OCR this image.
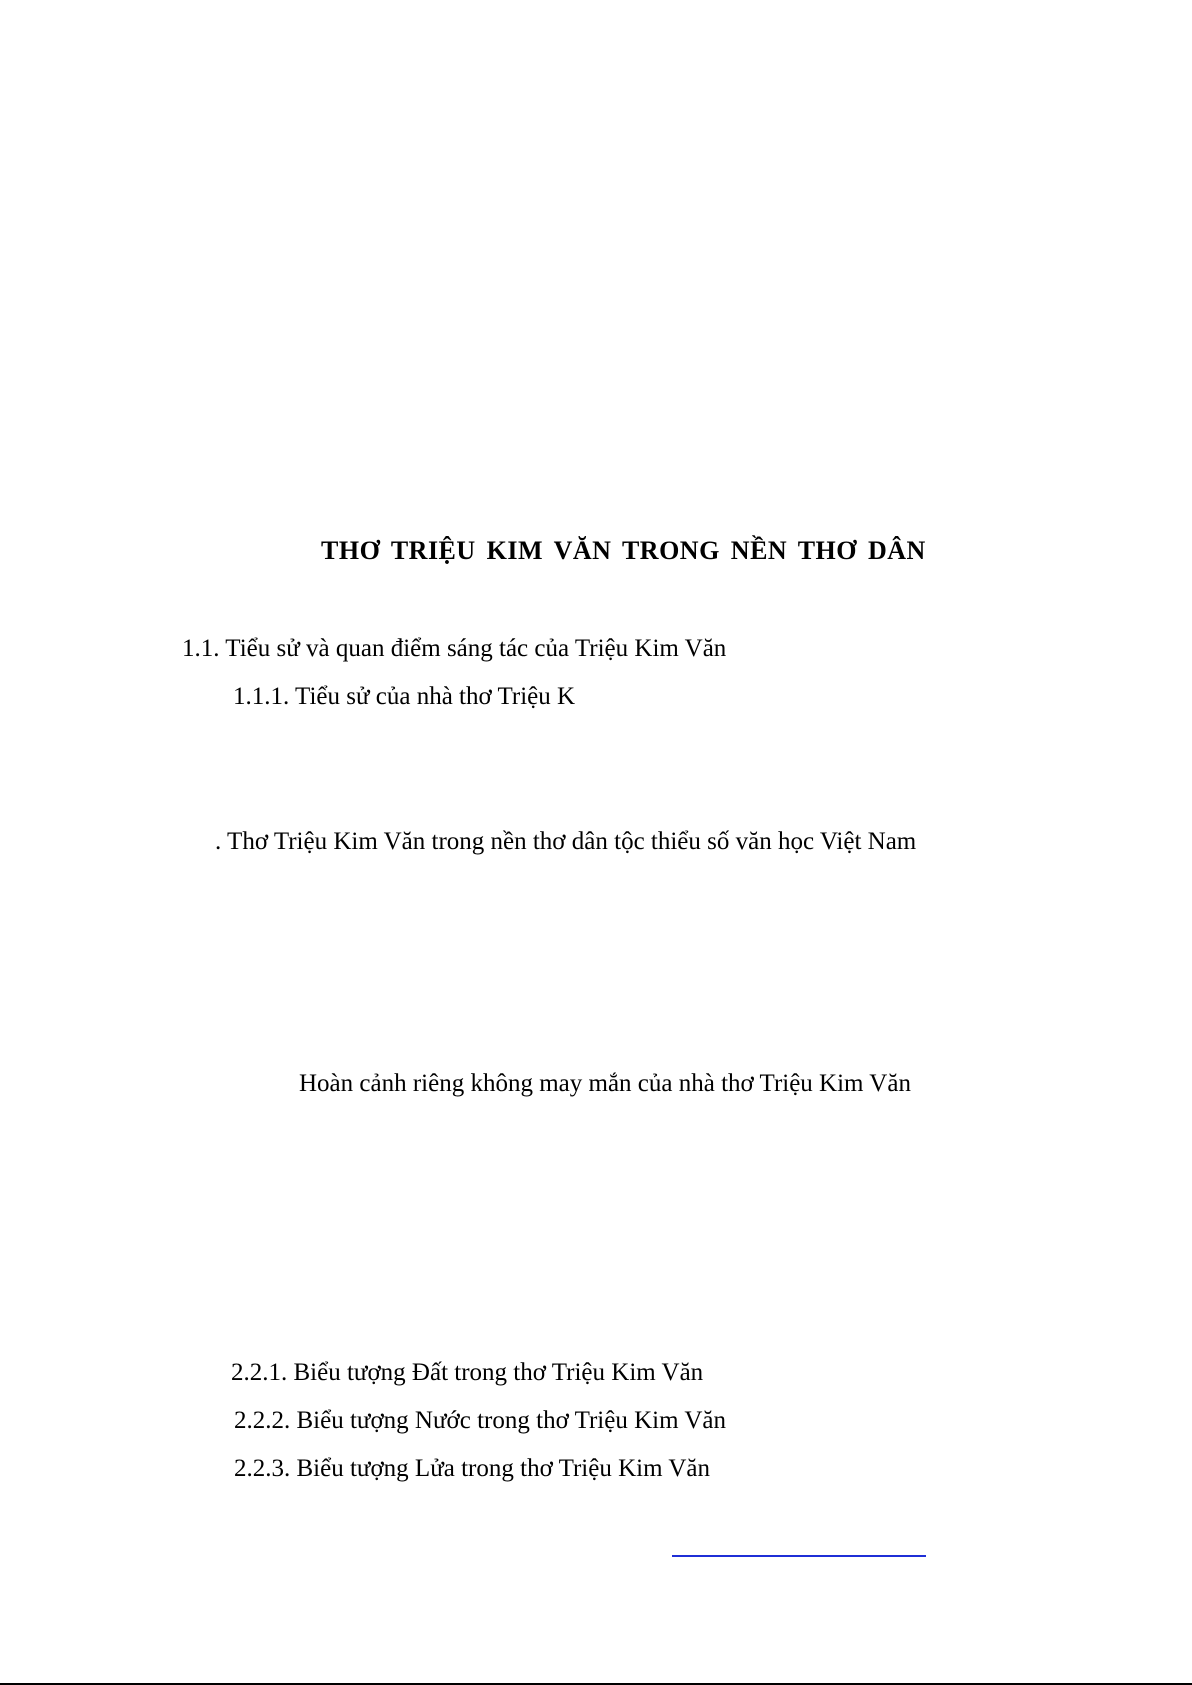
THƠ TRIỆU KIM VĂN TRONG NỀN THƠ DÂN
1.1. Tiểu sử và quan điểm sáng tác của Triệu Kim Văn
1.1.1. Tiểu sử của nhà thơ Triệu K
. Thơ Triệu Kim Văn trong nền thơ dân tộc thiểu số văn học Việt Nam
Hoàn cảnh riêng không may mắn của nhà thơ Triệu Kim Văn
2.2.1. Biểu tượng Đất trong thơ Triệu Kim Văn
2.2.2. Biểu tượng Nước trong thơ Triệu Kim Văn
2.2.3. Biểu tượng Lửa trong thơ Triệu Kim Văn
